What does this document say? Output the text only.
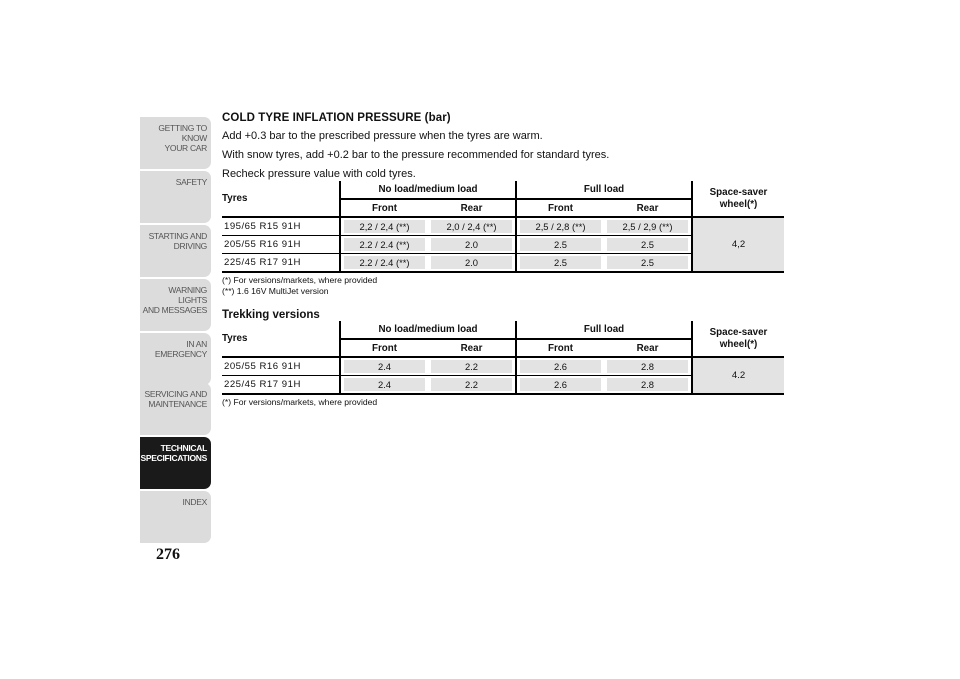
GETTING TO KNOW
YOUR CAR
SAFETY
STARTING AND
DRIVING
WARNING LIGHTS
AND MESSAGES
IN AN EMERGENCY
SERVICING AND
MAINTENANCE
TECHNICAL
SPECIFICATIONS
INDEX
276
COLD TYRE INFLATION PRESSURE (bar)
Add +0.3 bar to the prescribed pressure when the tyres are warm.
With snow tyres, add +0.2 bar to the pressure recommended for standard tyres.
Recheck pressure value with cold tyres.
Tyres	No load/medium load		Full load		Space-saver wheel(*)
	Front	Rear	Front	Rear	
195/65 R15 91H	2,2 / 2,4 (**)	2,0 / 2,4 (**)	2,5 / 2,8 (**)	2,5 / 2,9 (**)	4,2
205/55 R16 91H	2.2 / 2.4 (**)	2.0	2.5	2.5	

225/45 R17 91H	2.2 / 2.4 (**)	2.0	2.5	2.5	
(*) For versions/markets, where provided
(**) 1.6 16V MultiJet version
Trekking versions
Tyres	No load/medium load		Full load		Space-saver wheel(*)
	Front	Rear	Front	Rear	
205/55 R16 91H	2.4	2.2	2.6	2.8	4.2
225/45 R17 91H	2.4	2.2	2.6	2.8	
(*) For versions/markets, where provided
